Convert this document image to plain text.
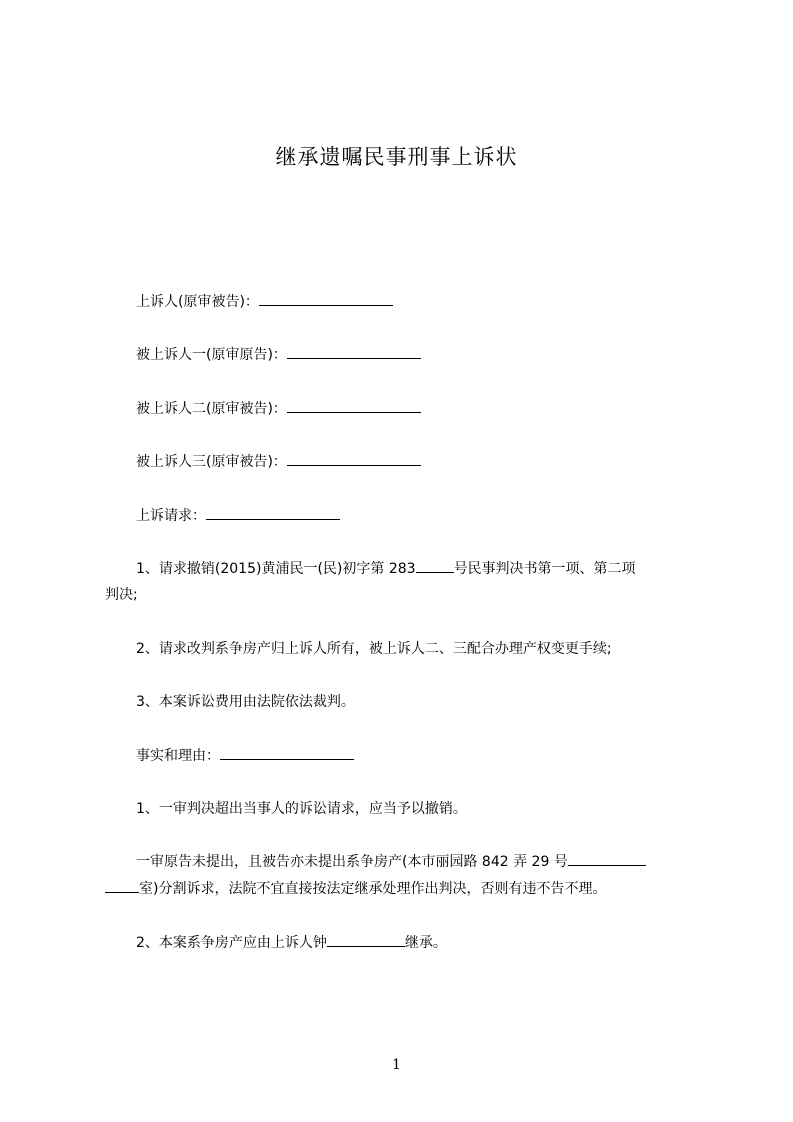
继承遗嘱民事刑事上诉状
上诉人(原审被告)：
被上诉人一(原审原告)：
被上诉人二(原审被告)：
被上诉人三(原审被告)：
上诉请求：
1、请求撤销(2015)黄浦民一(民)初字第 283	号民事判决书第一项、第二项
判决;
2、请求改判系争房产归上诉人所有，被上诉人二、三配合办理产权变更手续;
3、本案诉讼费用由法院依法裁判。
事实和理由：
1、一审判决超出当事人的诉讼请求，应当予以撤销。
一审原告未提出，且被告亦未提出系争房产(本市丽园路 842 弄 29 号
室)分割诉求，法院不宜直接按法定继承处理作出判决，否则有违不告不理。
2、本案系争房产应由上诉人钟	继承。
1
